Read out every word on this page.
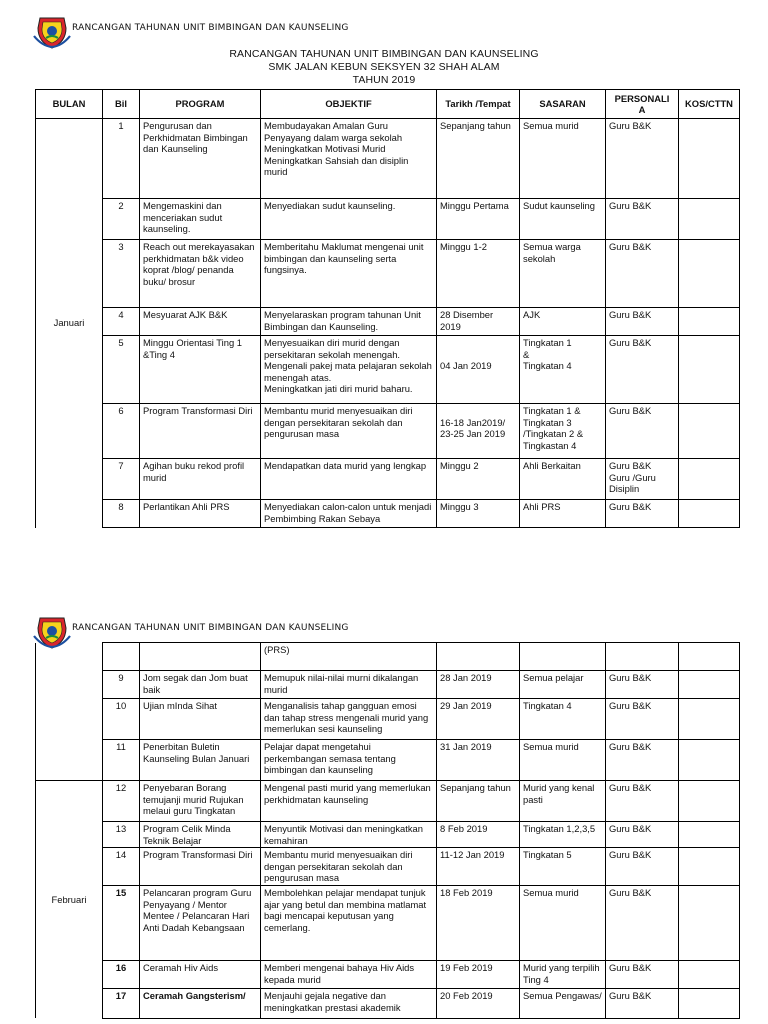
RANCANGAN TAHUNAN UNIT BIMBINGAN DAN KAUNSELING
RANCANGAN TAHUNAN UNIT BIMBINGAN DAN KAUNSELING
SMK JALAN KEBUN SEKSYEN 32 SHAH ALAM
TAHUN 2019
BULAN	Bil	PROGRAM	OBJEKTIF	Tarikh /Tempat	SASARAN	PERSONALI
A	KOS/CTTN
Januari	1	Pengurusan dan Perkhidmatan Bimbingan dan Kaunseling	Membudayakan Amalan Guru Penyayang dalam warga sekolah
Meningkatkan Motivasi Murid
Meningkatkan Sahsiah dan disiplin murid	Sepanjang tahun	Semua murid	Guru B&K	
	2	Mengemaskini dan menceriakan sudut kaunseling.	Menyediakan sudut kaunseling.	Minggu Pertama	Sudut kaunseling	Guru B&K	
	3	Reach out merekayasakan perkhidmatan b&k video koprat /blog/ penanda buku/ brosur	Memberitahu Maklumat mengenai unit bimbingan dan kaunseling serta fungsinya.	Minggu 1-2	Semua warga sekolah	Guru B&K	
	4	Mesyuarat AJK B&K	Menyelaraskan program tahunan Unit Bimbingan dan Kaunseling.	28 Disember 2019	AJK	Guru B&K	
	5	Minggu Orientasi Ting 1 &Ting 4	Menyesuaikan diri murid dengan persekitaran sekolah menengah.
Mengenali pakej mata pelajaran sekolah menengah atas.
Meningkatkan jati diri murid baharu.	

04 Jan 2019	Tingkatan 1
&
Tingkatan 4	Guru B&K	
	6	Program Transformasi Diri	Membantu murid menyesuaikan diri dengan persekitaran sekolah dan pengurusan masa	
16-18 Jan2019/
23-25 Jan 2019	Tingkatan 1 &
Tingkatan 3
/Tingkatan 2 &
Tingkastan 4	Guru B&K	
	7	Agihan buku rekod profil murid	Mendapatkan data murid yang lengkap	Minggu 2	Ahli Berkaitan	Guru B&K
Guru /Guru Disiplin	
	8	Perlantikan Ahli PRS	Menyediakan calon-calon untuk menjadi Pembimbing Rakan Sebaya	Minggu 3	Ahli PRS	Guru B&K	
RANCANGAN TAHUNAN UNIT BIMBINGAN DAN KAUNSELING
			(PRS)				
	9	Jom segak dan Jom buat baik	Memupuk nilai-nilai murni dikalangan murid	28 Jan 2019	Semua pelajar	Guru B&K	
	10	Ujian mInda Sihat	Menganalisis tahap gangguan emosi dan tahap stress mengenali murid yang memerlukan sesi kaunseling	29 Jan 2019	Tingkatan 4	Guru B&K	
	11	Penerbitan Buletin Kaunseling Bulan Januari	Pelajar dapat mengetahui perkembangan semasa tentang bimbingan dan kaunseling	31 Jan 2019	Semua murid	Guru B&K	
Februari	12	Penyebaran Borang temujanji murid Rujukan melaui guru Tingkatan	Mengenal pasti murid yang memerlukan perkhidmatan kaunseling	Sepanjang tahun	Murid yang kenal pasti	Guru B&K	
	13	Program Celik Minda Teknik Belajar	Menyuntik Motivasi dan meningkatkan kemahiran	8 Feb 2019	Tingkatan 1,2,3,5	Guru B&K	
	14	Program Transformasi Diri	Membantu murid menyesuaikan diri dengan persekitaran sekolah dan pengurusan masa	11-12 Jan 2019	Tingkatan 5	Guru B&K	
	15	Pelancaran program Guru Penyayang / Mentor Mentee / Pelancaran Hari Anti Dadah Kebangsaan	Membolehkan pelajar mendapat tunjuk ajar yang betul dan membina matlamat bagi mencapai keputusan yang cemerlang.	18 Feb 2019	Semua murid	Guru B&K	
	16	Ceramah Hiv Aids	Memberi mengenai bahaya Hiv Aids kepada murid	19 Feb 2019	Murid yang terpilih Ting 4	Guru B&K	
	17	Ceramah Gangsterism/	Menjauhi gejala negative dan meningkatkan prestasi akademik	20 Feb 2019	Semua Pengawas/	Guru B&K	
